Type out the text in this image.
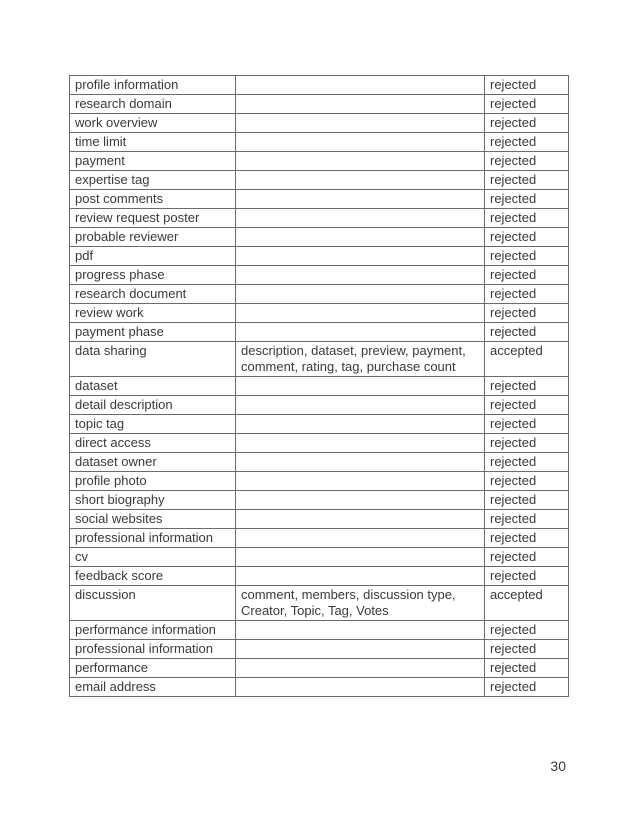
profile information		rejected
research domain		rejected
work overview		rejected
time limit		rejected
payment		rejected
expertise tag		rejected
post comments		rejected
review request poster		rejected
probable reviewer		rejected
pdf		rejected
progress phase		rejected
research document		rejected
review work		rejected
payment phase		rejected
data sharing	description, dataset, preview, payment, comment, rating, tag, purchase count	accepted
dataset		rejected
detail description		rejected
topic tag		rejected
direct access		rejected
dataset owner		rejected
profile photo		rejected
short biography		rejected
social websites		rejected
professional information		rejected
cv		rejected
feedback score		rejected
discussion	comment, members, discussion type, Creator, Topic, Tag, Votes	accepted
performance information		rejected
professional information		rejected
performance		rejected
email address		rejected
30
